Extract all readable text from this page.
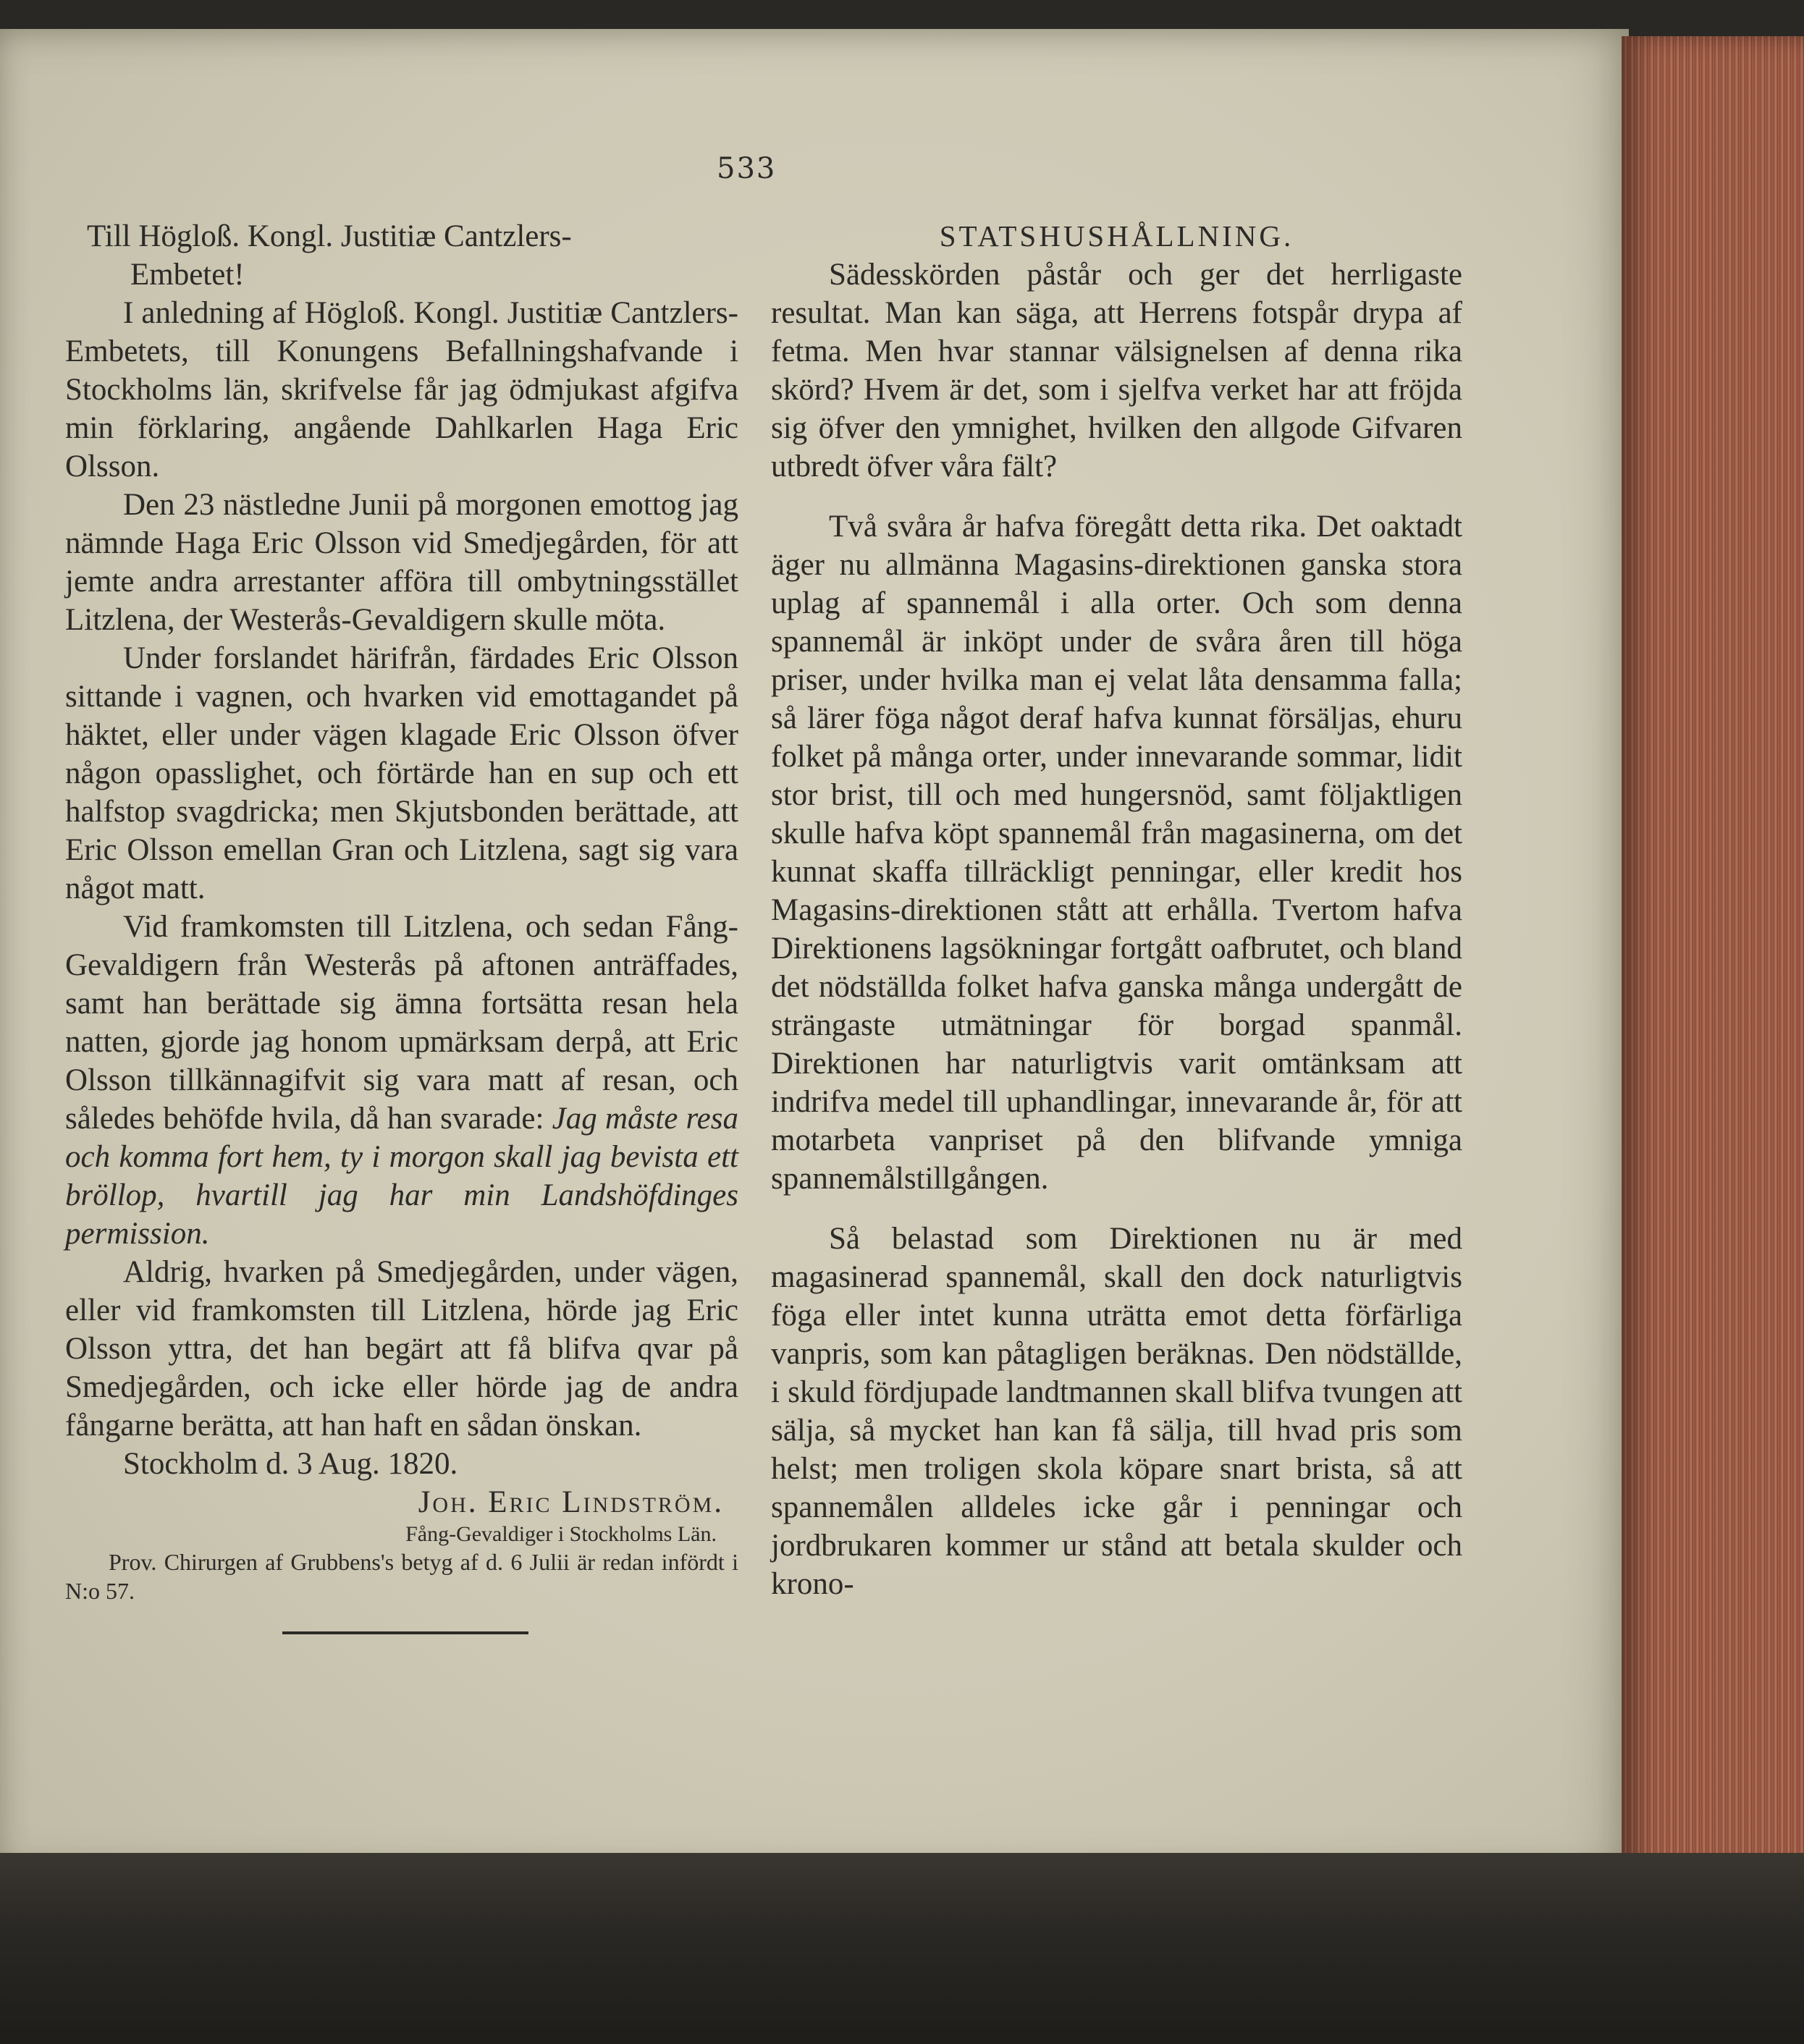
533

Till Högloß. Kongl. Justitiæ Cantzlers-
Embetet!

I anledning af Högloß. Kongl. Justitiæ Cantzlers-Embetets, till Konungens Befallningshafvande i Stockholms län, skrifvelse får jag ödmjukast afgifva min förklaring, angående Dahlkarlen Haga Eric Olsson.

Den 23 nästledne Junii på morgonen emottog jag nämnde Haga Eric Olsson vid Smedjegården, för att jemte andra arrestanter afföra till ombytningsstället Litzlena, der Westerås-Gevaldigern skulle möta.

Under forslandet härifrån, färdades Eric Olsson sittande i vagnen, och hvarken vid emottagandet på häktet, eller under vägen klagade Eric Olsson öfver någon opasslighet, och förtärde han en sup och ett halfstop svagdricka; men Skjutsbonden berättade, att Eric Olsson emellan Gran och Litzlena, sagt sig vara något matt.

Vid framkomsten till Litzlena, och sedan Fång-Gevaldigern från Westerås på aftonen anträffades, samt han berättade sig ämna fortsätta resan hela natten, gjorde jag honom upmärksam derpå, att Eric Olsson tillkännagifvit sig vara matt af resan, och således behöfde hvila, då han svarade: Jag måste resa och komma fort hem, ty i morgon skall jag bevista ett bröllop, hvartill jag har min Landshöfdinges permission.

Aldrig, hvarken på Smedjegården, under vägen, eller vid framkomsten till Litzlena, hörde jag Eric Olsson yttra, det han begärt att få blifva qvar på Smedjegården, och icke eller hörde jag de andra fångarne berätta, att han haft en sådan önskan.

Stockholm d. 3 Aug. 1820.

Joh. Eric Lindström.

Fång-Gevaldiger i Stockholms Län.

Prov. Chirurgen af Grubbens's betyg af d. 6 Julii är redan infördt i N:o 57.

STATSHUSHÅLLNING.

Sädesskörden påstår och ger det herrligaste resultat. Man kan säga, att Herrens fotspår drypa af fetma. Men hvar stannar välsignelsen af denna rika skörd? Hvem är det, som i sjelfva verket har att fröjda sig öfver den ymnighet, hvilken den allgode Gifvaren utbredt öfver våra fält?

Två svåra år hafva föregått detta rika. Det oaktadt äger nu allmänna Magasins-direktionen ganska stora uplag af spannemål i alla orter. Och som denna spannemål är inköpt under de svåra åren till höga priser, under hvilka man ej velat låta densamma falla; så lärer föga något deraf hafva kunnat försäljas, ehuru folket på många orter, under innevarande sommar, lidit stor brist, till och med hungersnöd, samt följaktligen skulle hafva köpt spannemål från magasinerna, om det kunnat skaffa tillräckligt penningar, eller kredit hos Magasins-direktionen stått att erhålla. Tvertom hafva Direktionens lagsökningar fortgått oafbrutet, och bland det nödställda folket hafva ganska många undergått de strängaste utmätningar för borgad spanmål. Direktionen har naturligtvis varit omtänksam att indrifva medel till uphandlingar, innevarande år, för att motarbeta vanpriset på den blifvande ymniga spannemålstillgången.

Så belastad som Direktionen nu är med magasinerad spannemål, skall den dock naturligtvis föga eller intet kunna uträtta emot detta förfärliga vanpris, som kan påtagligen beräknas. Den nödställde, i skuld fördjupade landtmannen skall blifva tvungen att sälja, så mycket han kan få sälja, till hvad pris som helst; men troligen skola köpare snart brista, så att spannemålen alldeles icke går i penningar och jordbrukaren kommer ur stånd att betala skulder och krono-
